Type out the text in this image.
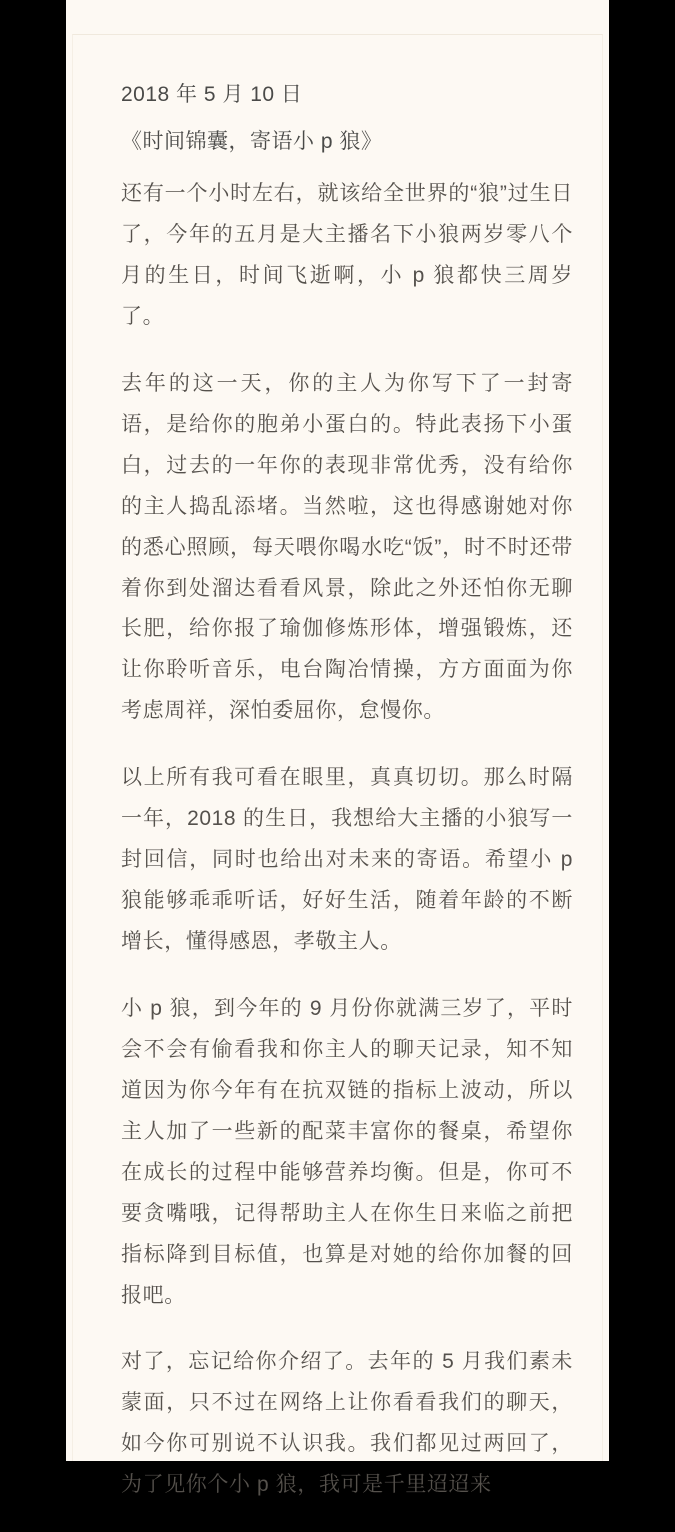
2018 年 5 月 10 日
《时间锦囊，寄语小 p 狼》

还有一个小时左右，就该给全世界的“狼”过生日了，今年的五月是大主播名下小狼两岁零八个月的生日，时间飞逝啊，小 p 狼都快三周岁了。

去年的这一天，你的主人为你写下了一封寄语，是给你的胞弟小蛋白的。特此表扬下小蛋白，过去的一年你的表现非常优秀，没有给你的主人捣乱添堵。当然啦，这也得感谢她对你的悉心照顾，每天喂你喝水吃“饭”，时不时还带着你到处溜达看看风景，除此之外还怕你无聊长肥，给你报了瑜伽修炼形体，增强锻炼，还让你聆听音乐，电台陶冶情操，方方面面为你考虑周祥，深怕委屈你，怠慢你。

以上所有我可看在眼里，真真切切。那么时隔一年，2018 的生日，我想给大主播的小狼写一封回信，同时也给出对未来的寄语。希望小 p 狼能够乖乖听话，好好生活，随着年龄的不断增长，懂得感恩，孝敬主人。

小 p 狼，到今年的 9 月份你就满三岁了，平时会不会有偷看我和你主人的聊天记录，知不知道因为你今年有在抗双链的指标上波动，所以主人加了一些新的配菜丰富你的餐桌，希望你在成长的过程中能够营养均衡。但是，你可不要贪嘴哦，记得帮助主人在你生日来临之前把指标降到目标值，也算是对她的给你加餐的回报吧。

对了，忘记给你介绍了。去年的 5 月我们素未蒙面，只不过在网络上让你看看我们的聊天，如今你可别说不认识我。我们都见过两回了，为了见你个小 p 狼，我可是千里迢迢来
